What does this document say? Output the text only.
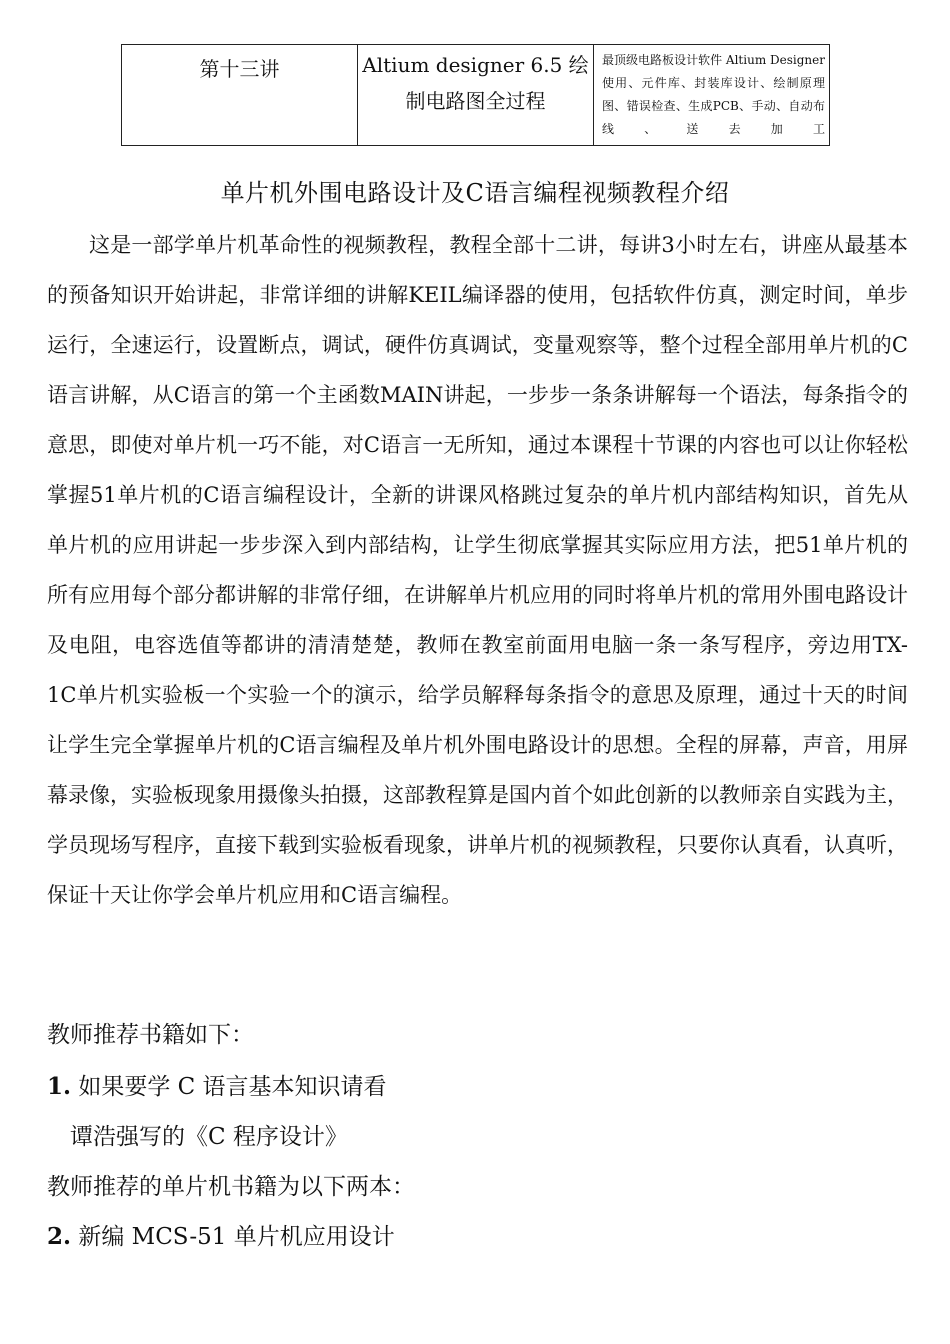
第十三讲	Altium designer 6.5 绘制电路图全过程
最顶级电路板设计软件 Altium Designer 使用、元件库、封装库设计、绘制原理图、错误检查、生成PCB、手动、自动布线、送去加工
单片机外围电路设计及C语言编程视频教程介绍

这是一部学单片机革命性的视频教程，教程全部十二讲，每讲3小时左右，讲座从最基本的预备知识开始讲起，非常详细的讲解KEIL编译器的使用，包括软件仿真，测定时间，单步运行，全速运行，设置断点，调试，硬件仿真调试，变量观察等，整个过程全部用单片机的C语言讲解，从C语言的第一个主函数MAIN讲起，一步步一条条讲解每一个语法，每条指令的意思，即使对单片机一巧不能，对C语言一无所知，通过本课程十节课的内容也可以让你轻松掌握51单片机的C语言编程设计，全新的讲课风格跳过复杂的单片机内部结构知识，首先从单片机的应用讲起一步步深入到内部结构，让学生彻底掌握其实际应用方法，把51单片机的所有应用每个部分都讲解的非常仔细，在讲解单片机应用的同时将单片机的常用外围电路设计及电阻，电容选值等都讲的清清楚楚，教师在教室前面用电脑一条一条写程序，旁边用TX-1C单片机实验板一个实验一个的演示，给学员解释每条指令的意思及原理，通过十天的时间让学生完全掌握单片机的C语言编程及单片机外围电路设计的思想。全程的屏幕，声音，用屏幕录像，实验板现象用摄像头拍摄，这部教程算是国内首个如此创新的以教师亲自实践为主，学员现场写程序，直接下载到实验板看现象，讲单片机的视频教程，只要你认真看，认真听，保证十天让你学会单片机应用和C语言编程。

教师推荐书籍如下：
1. 如果要学 C 语言基本知识请看
谭浩强写的《C 程序设计》
教师推荐的单片机书籍为以下两本：
2. 新编 MCS-51 单片机应用设计
